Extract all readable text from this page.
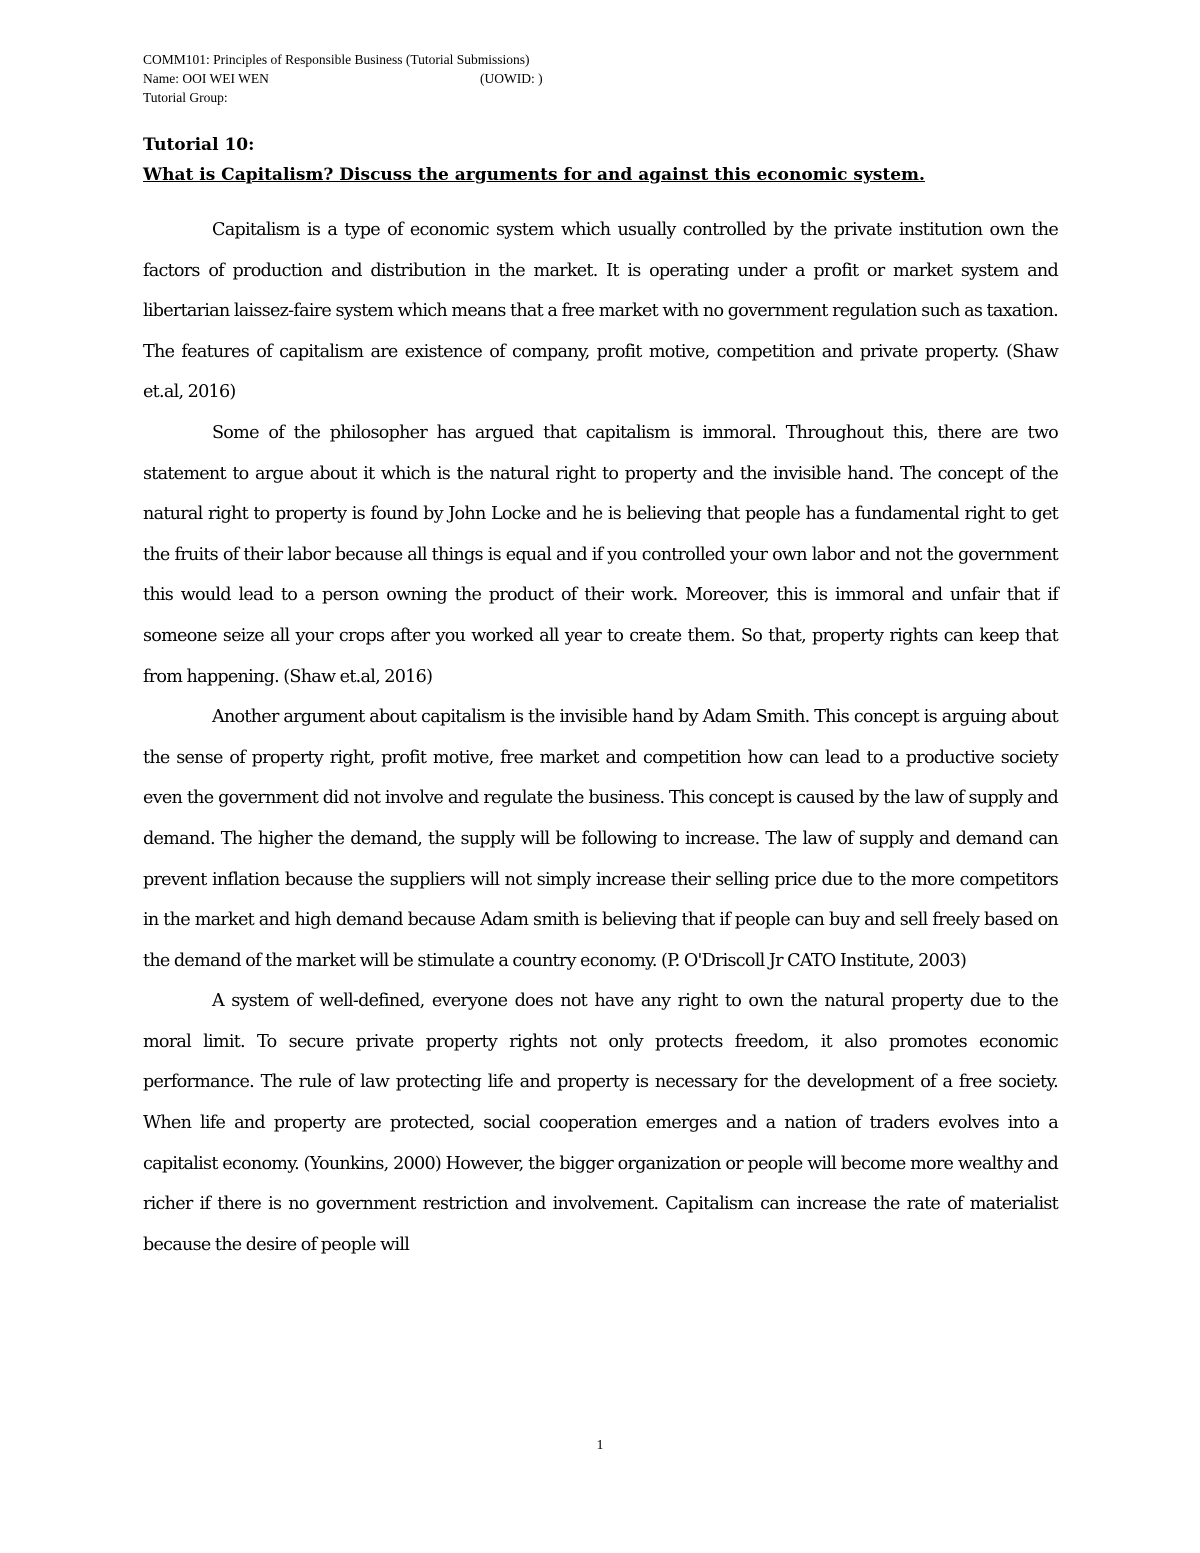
COMM101: Principles of Responsible Business (Tutorial Submissions)
Name: OOI WEI WEN	(UOWID: )
Tutorial Group:
Tutorial 10:
What is Capitalism? Discuss the arguments for and against this economic system.

Capitalism is a type of economic system which usually controlled by the private institution own the factors of production and distribution in the market. It is operating under a profit or market system and libertarian laissez-faire system which means that a free market with no government regulation such as taxation. The features of capitalism are existence of company, profit motive, competition and private property. (Shaw et.al, 2016)

Some of the philosopher has argued that capitalism is immoral. Throughout this, there are two statement to argue about it which is the natural right to property and the invisible hand. The concept of the natural right to property is found by John Locke and he is believing that people has a fundamental right to get the fruits of their labor because all things is equal and if you controlled your own labor and not the government this would lead to a person owning the product of their work. Moreover, this is immoral and unfair that if someone seize all your crops after you worked all year to create them. So that, property rights can keep that from happening. (Shaw et.al, 2016)

Another argument about capitalism is the invisible hand by Adam Smith. This concept is arguing about the sense of property right, profit motive, free market and competition how can lead to a productive society even the government did not involve and regulate the business. This concept is caused by the law of supply and demand. The higher the demand, the supply will be following to increase. The law of supply and demand can prevent inflation because the suppliers will not simply increase their selling price due to the more competitors in the market and high demand because Adam smith is believing that if people can buy and sell freely based on the demand of the market will be stimulate a country economy. (P. O'Driscoll Jr CATO Institute, 2003)

A system of well-defined, everyone does not have any right to own the natural property due to the moral limit. To secure private property rights not only protects freedom, it also promotes economic performance. The rule of law protecting life and property is necessary for the development of a free society. When life and property are protected, social cooperation emerges and a nation of traders evolves into a capitalist economy. (Younkins, 2000) However, the bigger organization or people will become more wealthy and richer if there is no government restriction and involvement. Capitalism can increase the rate of materialist because the desire of people will

1
